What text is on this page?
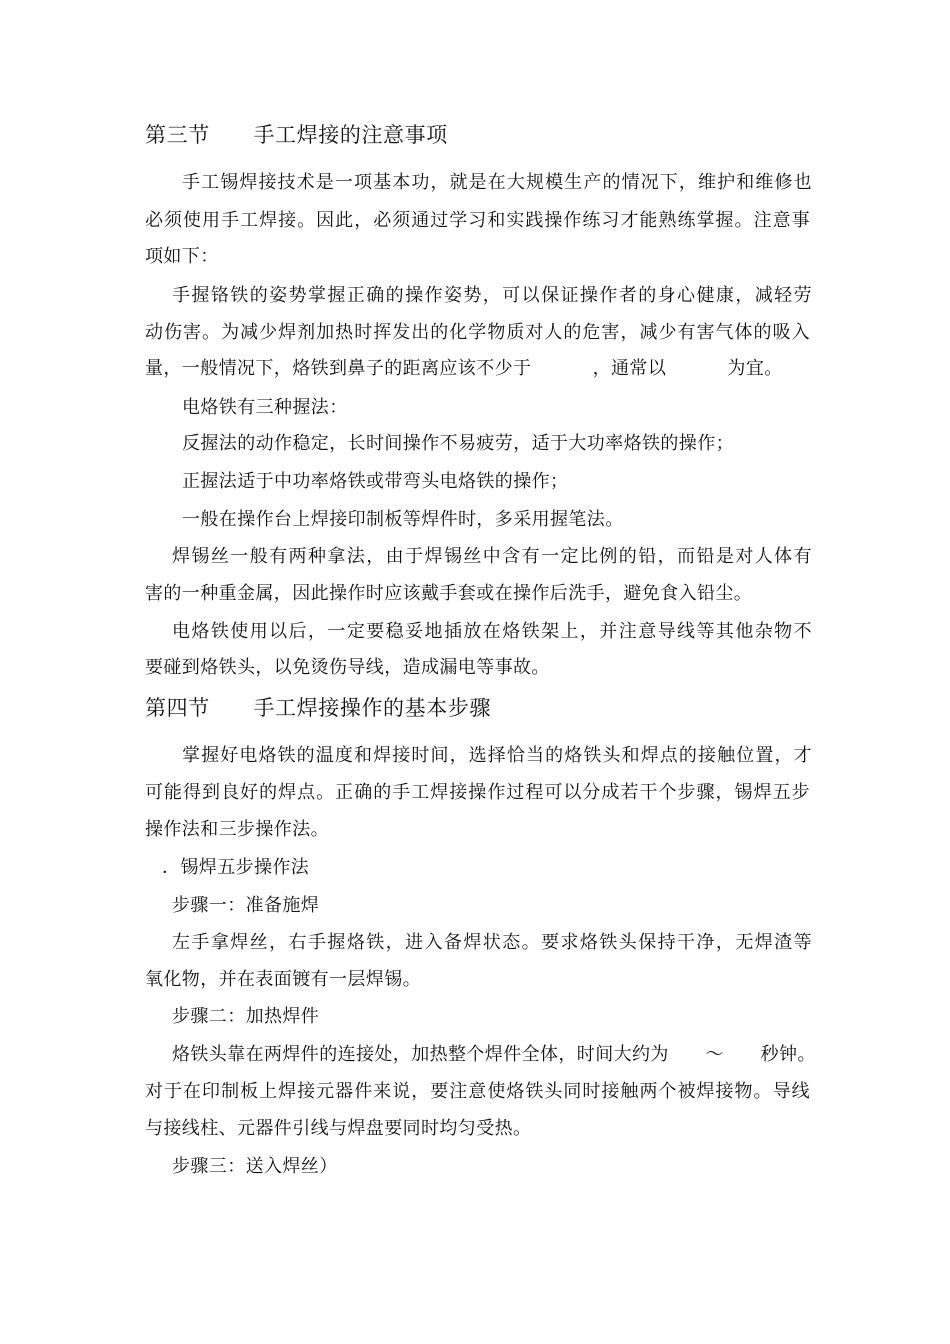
第三节      手工焊接的注意事项
手工锡焊接技术是一项基本功，就是在大规模生产的情况下，维护和维修也
必须使用手工焊接。因此，必须通过学习和实践操作练习才能熟练掌握。注意事
项如下：
手握铬铁的姿势掌握正确的操作姿势，可以保证操作者的身心健康，减轻劳
动伤害。为减少焊剂加热时挥发出的化学物质对人的危害，减少有害气体的吸入
量，一般情况下，烙铁到鼻子的距离应该不少于          ，通常以          为宜。
电烙铁有三种握法：
反握法的动作稳定，长时间操作不易疲劳，适于大功率烙铁的操作；
正握法适于中功率烙铁或带弯头电烙铁的操作；
一般在操作台上焊接印制板等焊件时，多采用握笔法。
焊锡丝一般有两种拿法，由于焊锡丝中含有一定比例的铅，而铅是对人体有
害的一种重金属，因此操作时应该戴手套或在操作后洗手，避免食入铅尘。
电烙铁使用以后，一定要稳妥地插放在烙铁架上，并注意导线等其他杂物不
要碰到烙铁头，以免烫伤导线，造成漏电等事故。
第四节      手工焊接操作的基本步骤
掌握好电烙铁的温度和焊接时间，选择恰当的烙铁头和焊点的接触位置，才
可能得到良好的焊点。正确的手工焊接操作过程可以分成若干个步骤，锡焊五步
操作法和三步操作法。
．锡焊五步操作法
步骤一：准备施焊
左手拿焊丝，右手握烙铁，进入备焊状态。要求烙铁头保持干净，无焊渣等
氧化物，并在表面镀有一层焊锡。
步骤二：加热焊件
烙铁头靠在两焊件的连接处，加热整个焊件全体，时间大约为      ～      秒钟。
对于在印制板上焊接元器件来说，要注意使烙铁头同时接触两个被焊接物。导线
与接线柱、元器件引线与焊盘要同时均匀受热。
步骤三：送入焊丝）
